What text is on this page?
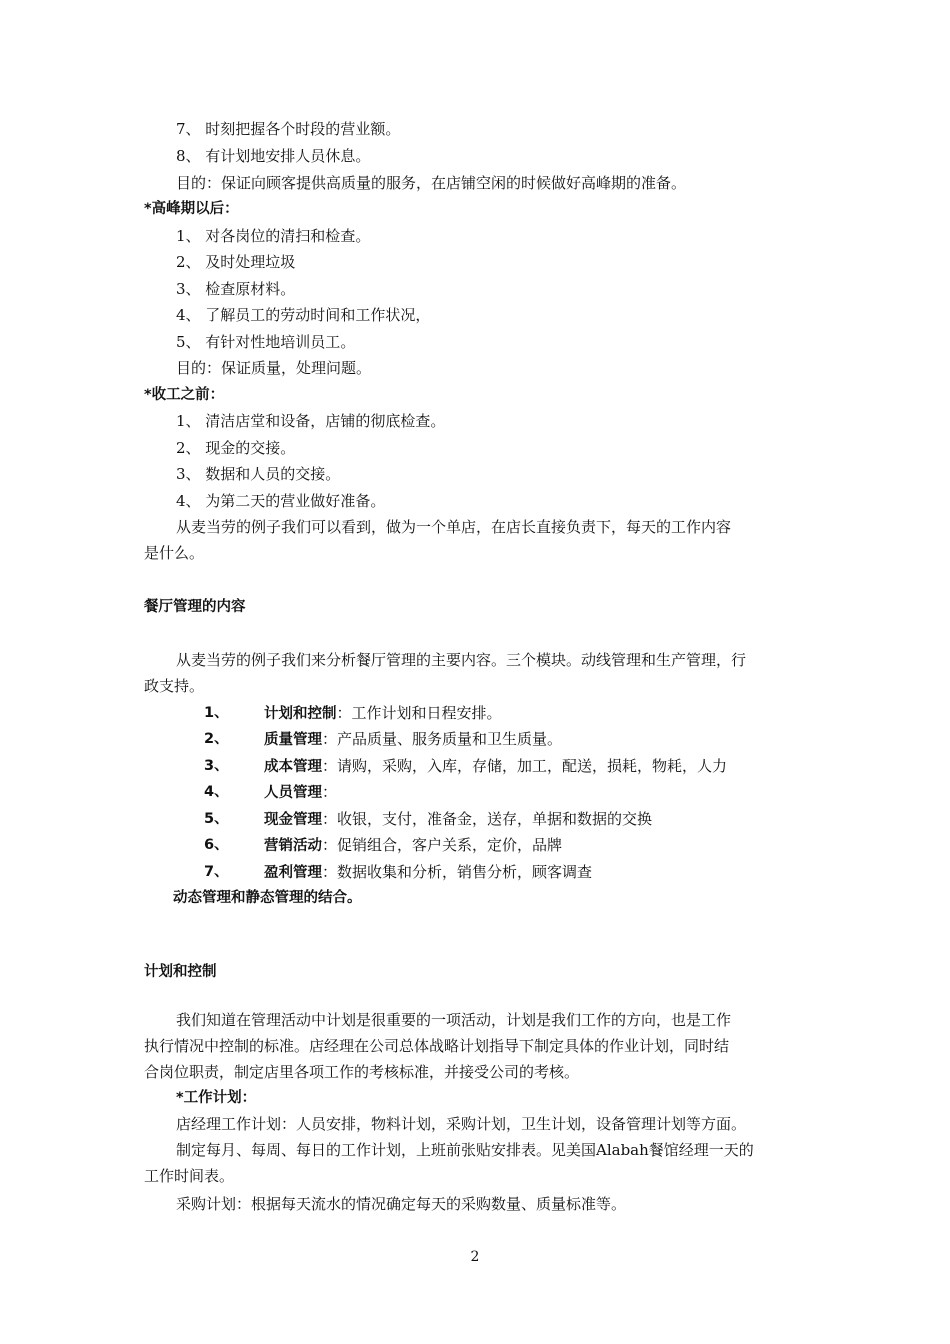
7、 时刻把握各个时段的营业额。
8、 有计划地安排人员休息。
目的：保证向顾客提供高质量的服务，在店铺空闲的时候做好高峰期的准备。
*高峰期以后：
1、 对各岗位的清扫和检查。
2、 及时处理垃圾
3、 检查原材料。
4、 了解员工的劳动时间和工作状况，
5、 有针对性地培训员工。
目的：保证质量，处理问题。
*收工之前：
1、 清洁店堂和设备，店铺的彻底检查。
2、 现金的交接。
3、 数据和人员的交接。
4、 为第二天的营业做好准备。
从麦当劳的例子我们可以看到，做为一个单店，在店长直接负责下，每天的工作内容
是什么。
餐厅管理的内容
从麦当劳的例子我们来分析餐厅管理的主要内容。三个模块。动线管理和生产管理，行
政支持。
1、 计划和控制：工作计划和日程安排。
2、 质量管理：产品质量、服务质量和卫生质量。
3、 成本管理：请购，采购，入库，存储，加工，配送，损耗，物耗，人力
4、 人员管理：
5、 现金管理：收银，支付，准备金，送存，单据和数据的交换
6、 营销活动：促销组合，客户关系，定价，品牌
7、 盈利管理：数据收集和分析，销售分析，顾客调查
动态管理和静态管理的结合。
计划和控制
我们知道在管理活动中计划是很重要的一项活动，计划是我们工作的方向，也是工作
执行情况中控制的标准。店经理在公司总体战略计划指导下制定具体的作业计划，同时结
合岗位职责，制定店里各项工作的考核标准，并接受公司的考核。
*工作计划：
店经理工作计划：人员安排，物料计划，采购计划，卫生计划，设备管理计划等方面。
制定每月、每周、每日的工作计划，上班前张贴安排表。见美国Alabah餐馆经理一天的
工作时间表。
采购计划：根据每天流水的情况确定每天的采购数量、质量标准等。
2
